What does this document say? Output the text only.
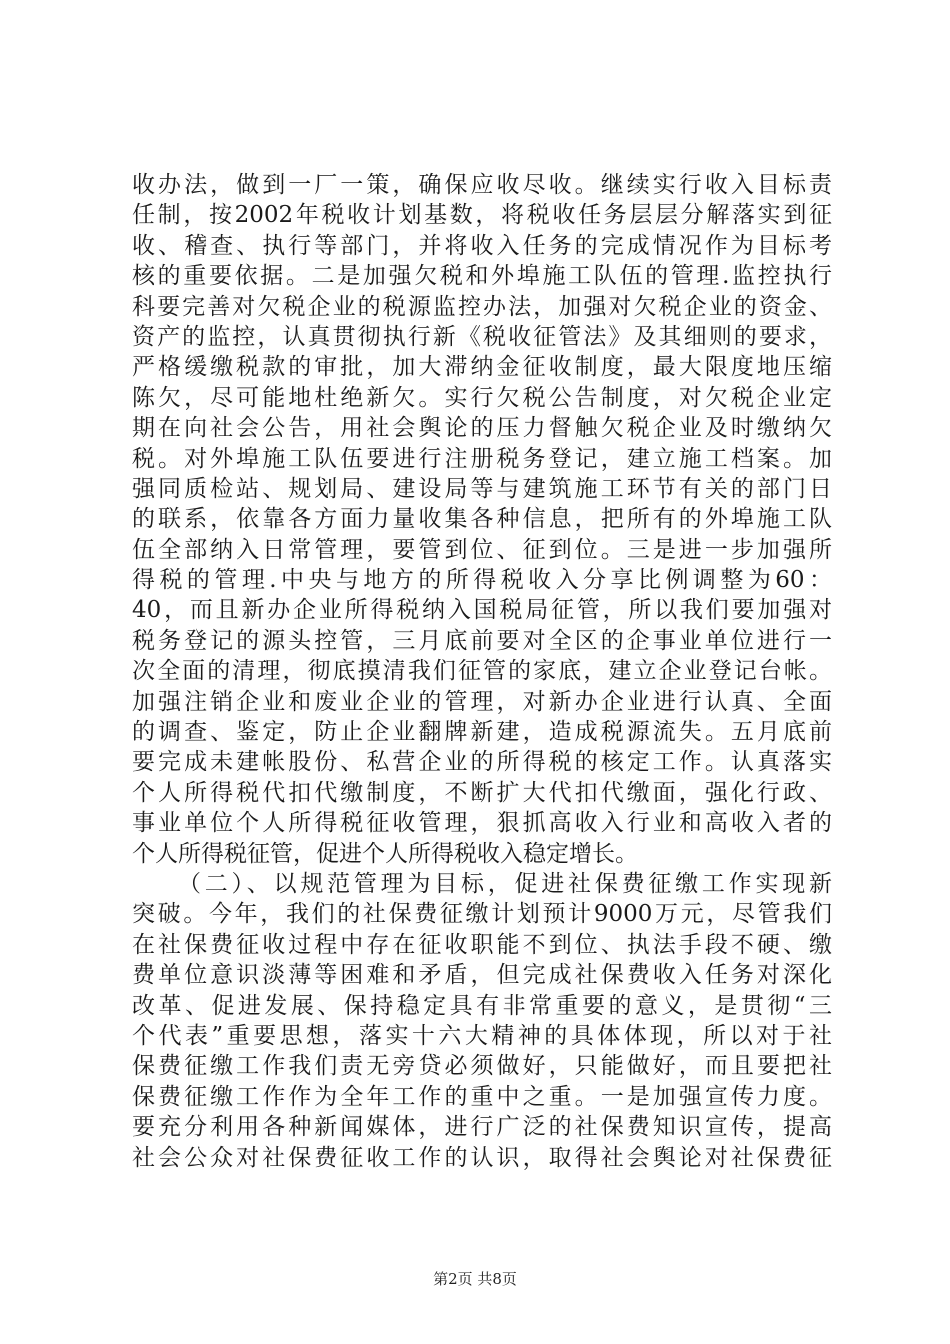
收办法，做到一厂一策，确保应收尽收。继续实行收入目标责
任制，按2002年税收计划基数，将税收任务层层分解落实到征
收、稽查、执行等部门，并将收入任务的完成情况作为目标考
核的重要依据。二是加强欠税和外埠施工队伍的管理.监控执行
科要完善对欠税企业的税源监控办法，加强对欠税企业的资金、
资产的监控，认真贯彻执行新《税收征管法》及其细则的要求，
严格缓缴税款的审批，加大滞纳金征收制度，最大限度地压缩
陈欠，尽可能地杜绝新欠。实行欠税公告制度，对欠税企业定
期在向社会公告，用社会舆论的压力督触欠税企业及时缴纳欠
税。对外埠施工队伍要进行注册税务登记，建立施工档案。加
强同质检站、规划局、建设局等与建筑施工环节有关的部门日
的联系，依靠各方面力量收集各种信息，把所有的外埠施工队
伍全部纳入日常管理，要管到位、征到位。三是进一步加强所
得税的管理.中央与地方的所得税收入分享比例调整为60：
40，而且新办企业所得税纳入国税局征管，所以我们要加强对
税务登记的源头控管，三月底前要对全区的企事业单位进行一
次全面的清理，彻底摸清我们征管的家底，建立企业登记台帐。
加强注销企业和废业企业的管理，对新办企业进行认真、全面
的调查、鉴定，防止企业翻牌新建，造成税源流失。五月底前
要完成未建帐股份、私营企业的所得税的核定工作。认真落实
个人所得税代扣代缴制度，不断扩大代扣代缴面，强化行政、
事业单位个人所得税征收管理，狠抓高收入行业和高收入者的
个人所得税征管，促进个人所得税收入稳定增长。
（二）、以规范管理为目标，促进社保费征缴工作实现新
突破。今年，我们的社保费征缴计划预计9000万元，尽管我们
在社保费征收过程中存在征收职能不到位、执法手段不硬、缴
费单位意识淡薄等困难和矛盾，但完成社保费收入任务对深化
改革、促进发展、保持稳定具有非常重要的意义，是贯彻“三
个代表”重要思想，落实十六大精神的具体体现，所以对于社
保费征缴工作我们责无旁贷必须做好，只能做好，而且要把社
保费征缴工作作为全年工作的重中之重。一是加强宣传力度。
要充分利用各种新闻媒体，进行广泛的社保费知识宣传，提高
社会公众对社保费征收工作的认识，取得社会舆论对社保费征
第2页 共8页
